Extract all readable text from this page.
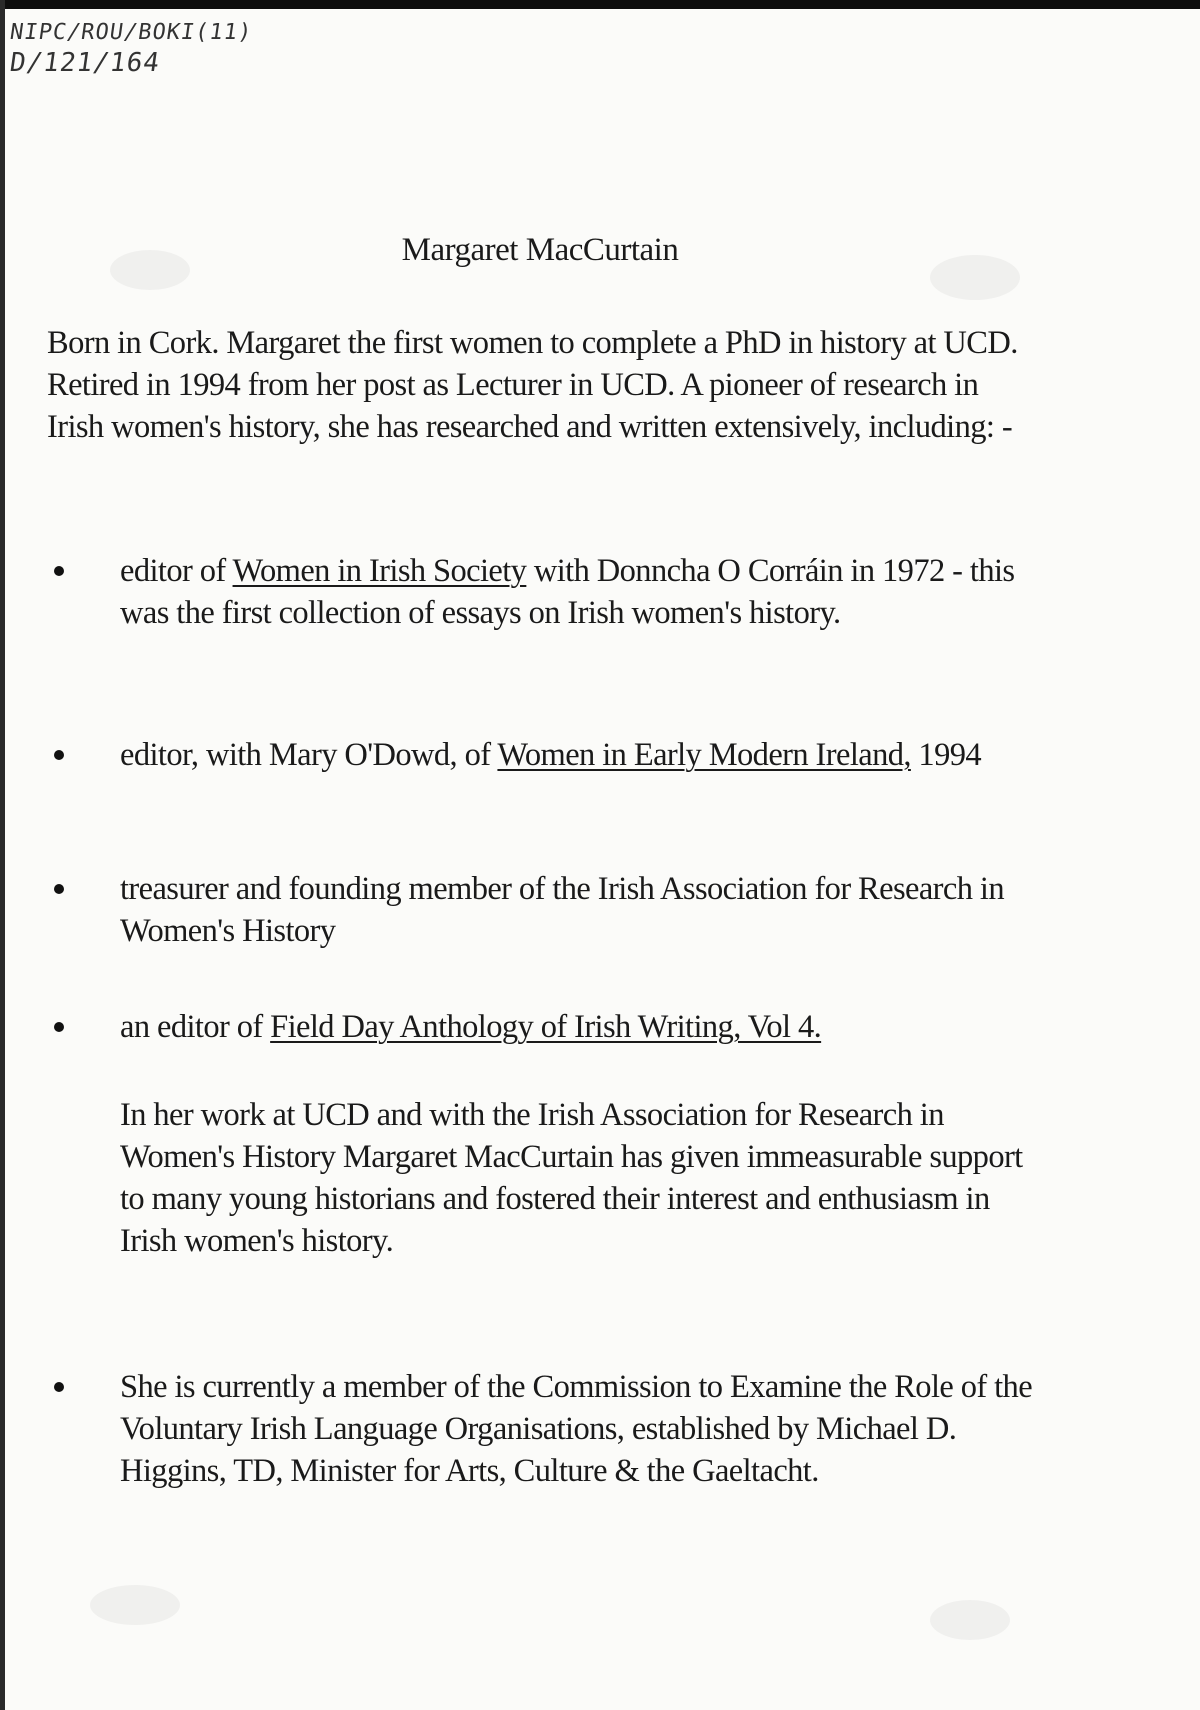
NIPC/ROU/BOKI(11)
D/121/164
Margaret MacCurtain

Born in Cork. Margaret the first women to complete a PhD in history at UCD. Retired in 1994 from her post as Lecturer in UCD. A pioneer of research in Irish women's history, she has researched and written extensively, including: -

editor of Women in Irish Society with Donncha O Corráin in 1972 - this was the first collection of essays on Irish women's history.

editor, with Mary O'Dowd, of Women in Early Modern Ireland, 1994

treasurer and founding member of the Irish Association for Research in Women's History

an editor of Field Day Anthology of Irish Writing, Vol 4.

In her work at UCD and with the Irish Association for Research in Women's History Margaret MacCurtain has given immeasurable support to many young historians and fostered their interest and enthusiasm in Irish women's history.

She is currently a member of the Commission to Examine the Role of the Voluntary Irish Language Organisations, established by Michael D. Higgins, TD, Minister for Arts, Culture & the Gaeltacht.
